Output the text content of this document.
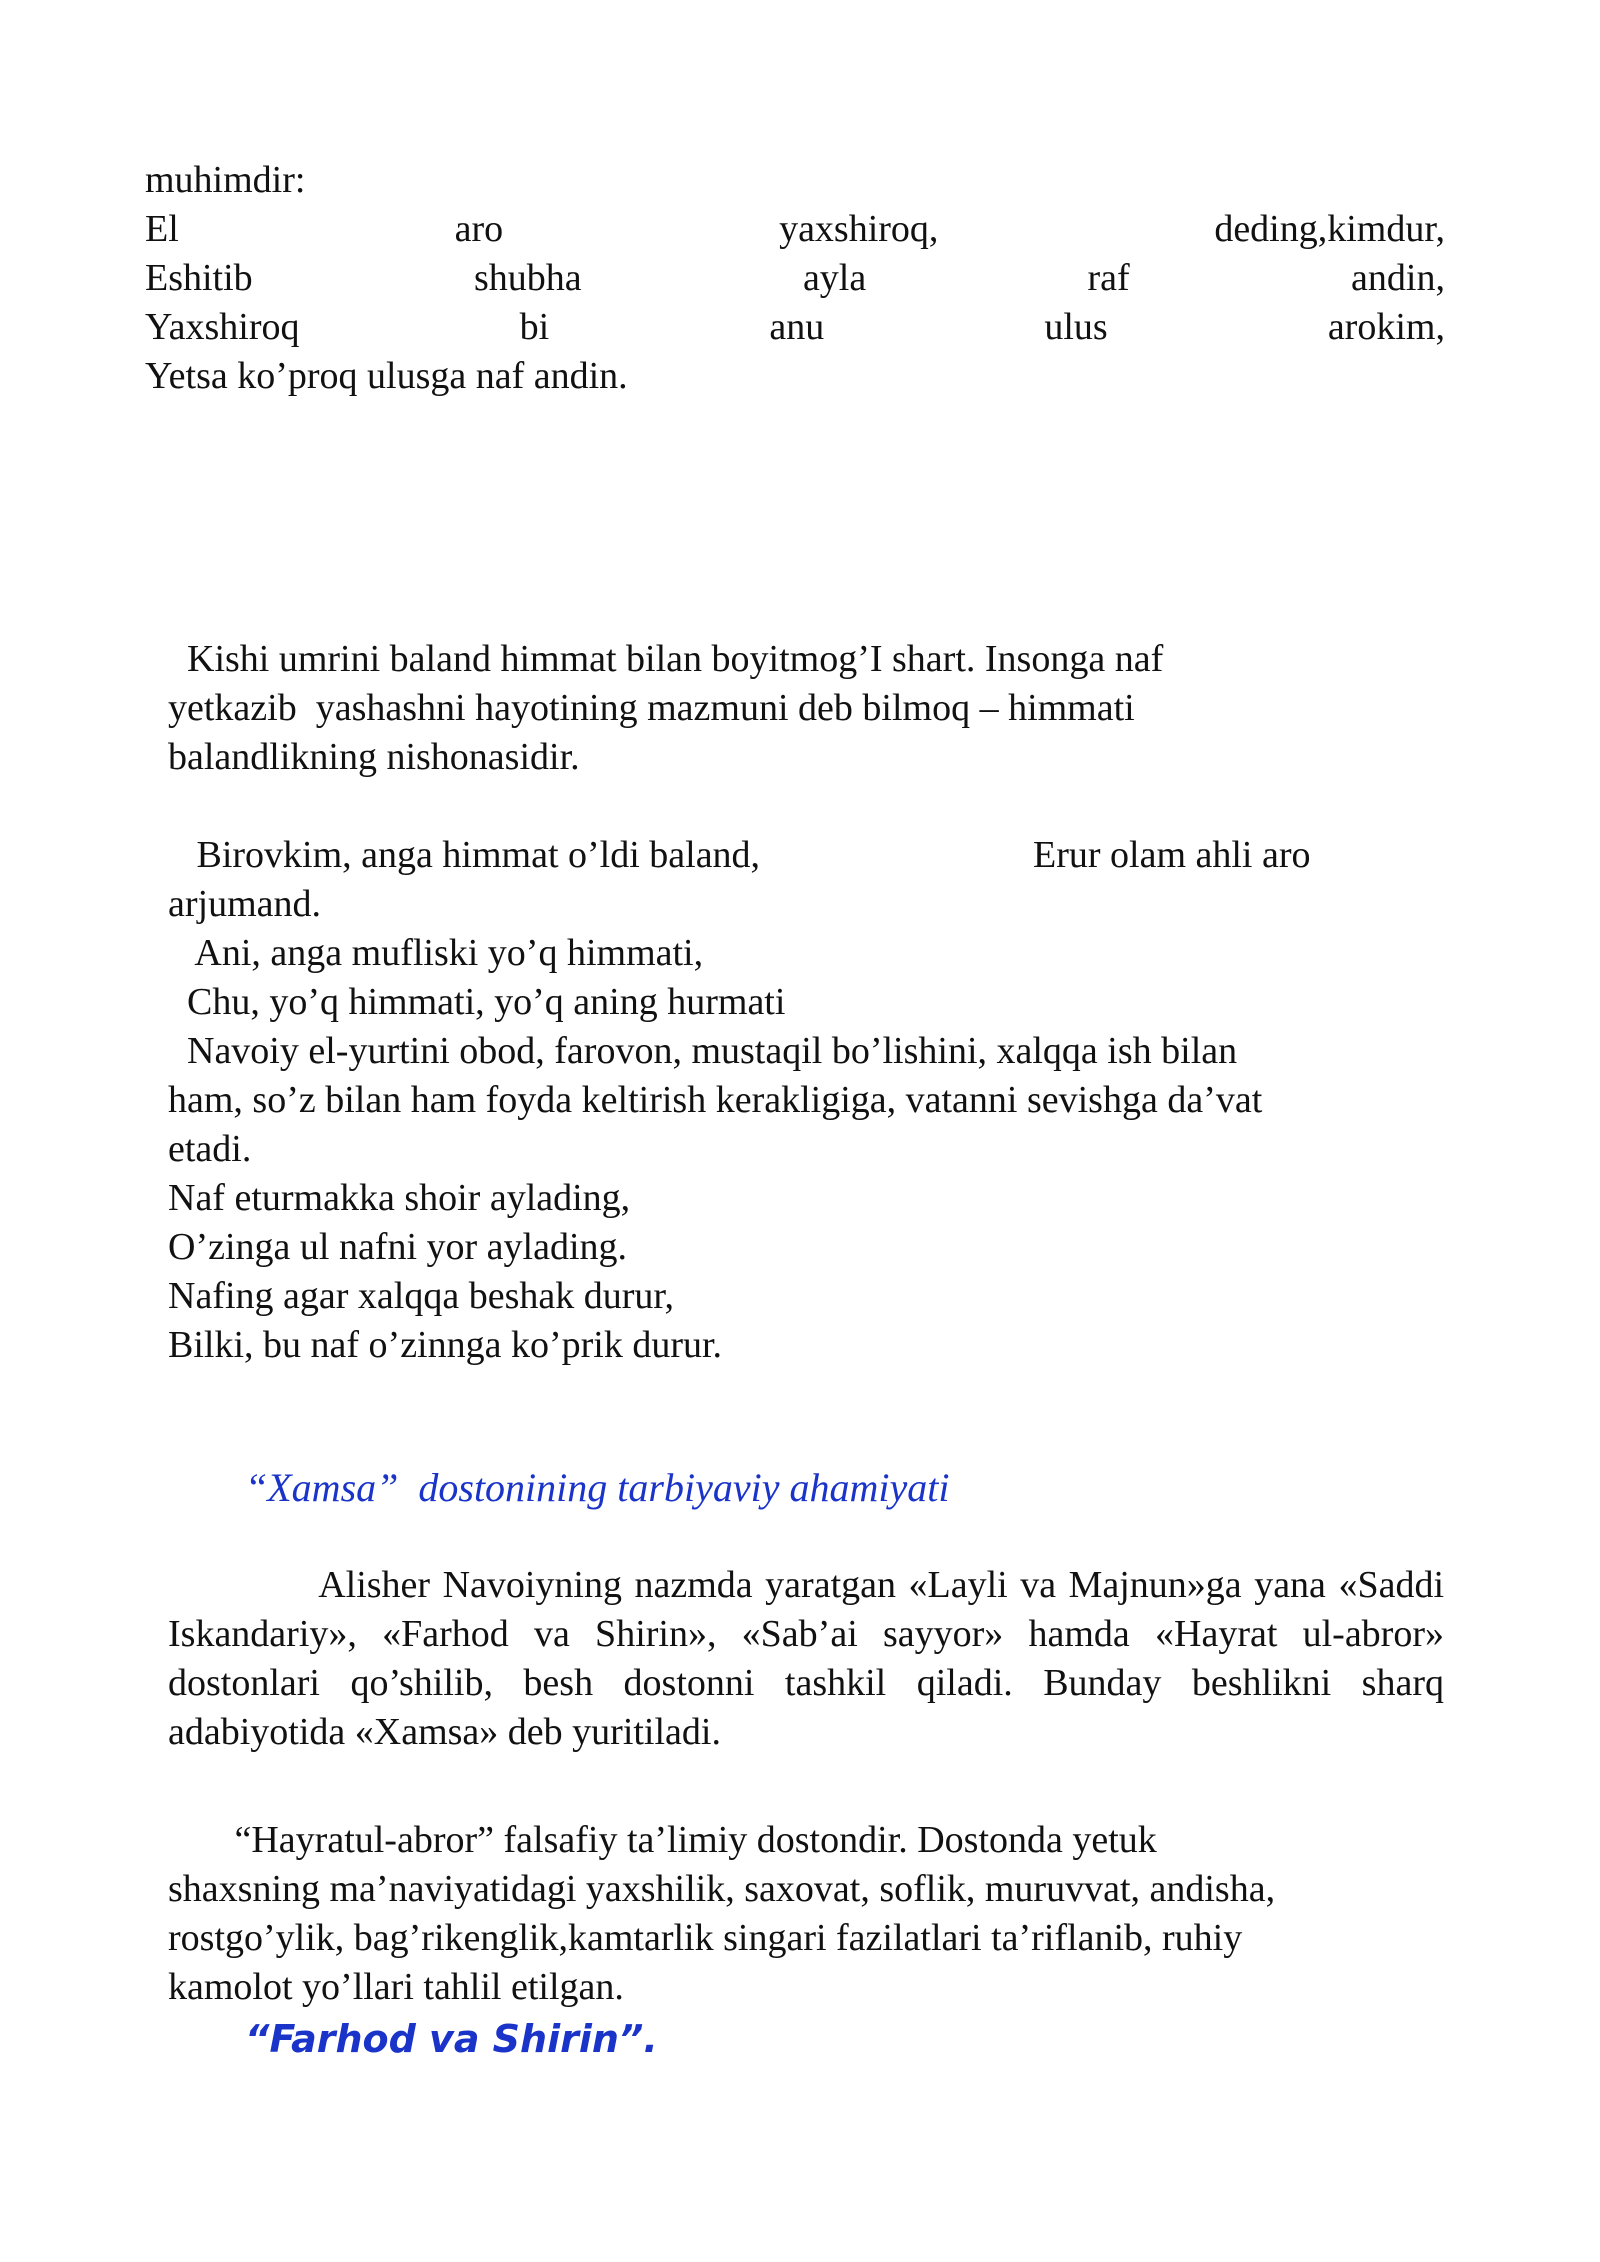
muhimdir:
El	aro	yaxshiroq,	deding,kimdur,
Eshitib	shubha	ayla	raf	andin,
Yaxshiroq	bi	anu	ulus	arokim,
Yetsa ko’proq ulusga naf andin.
Kishi umrini baland himmat bilan boyitmog’I shart. Insonga naf
yetkazib  yashashni hayotining mazmuni deb bilmoq – himmati
balandlikning nishonasidir.
Birovkim, anga himmat o’ldi baland,	Erur olam ahli aro
arjumand.
Ani, anga mufliski yo’q himmati,
Chu, yo’q himmati, yo’q aning hurmati
Navoiy el-yurtini obod, farovon, mustaqil bo’lishini, xalqqa ish bilan
ham, so’z bilan ham foyda keltirish kerakligiga, vatanni sevishga da’vat
etadi.
Naf eturmakka shoir aylading,
O’zinga ul nafni yor aylading.
Nafing agar xalqqa beshak durur,
Bilki, bu naf o’zinnga ko’prik durur.
“Xamsa”  dostonining tarbiyaviy ahamiyati

Alisher Navoiyning nazmda yaratgan «Layli va Majnun»ga yana «Saddi Iskandariy», «Farhod va Shirin», «Sab’ai sayyor» hamda «Hayrat ul-abror» dostonlari qo’shilib, besh dostonni tashkil qiladi. Bunday beshlikni sharq adabiyotida «Xamsa» deb yuritiladi.

“Hayratul-abror” falsafiy ta’limiy dostondir. Dostonda yetuk
shaxsning ma’naviyatidagi yaxshilik, saxovat, soflik, muruvvat, andisha,
rostgo’ylik, bag’rikenglik,kamtarlik singari fazilatlari ta’riflanib, ruhiy
kamolot yo’llari tahlil etilgan.
“Farhod va Shirin”.
